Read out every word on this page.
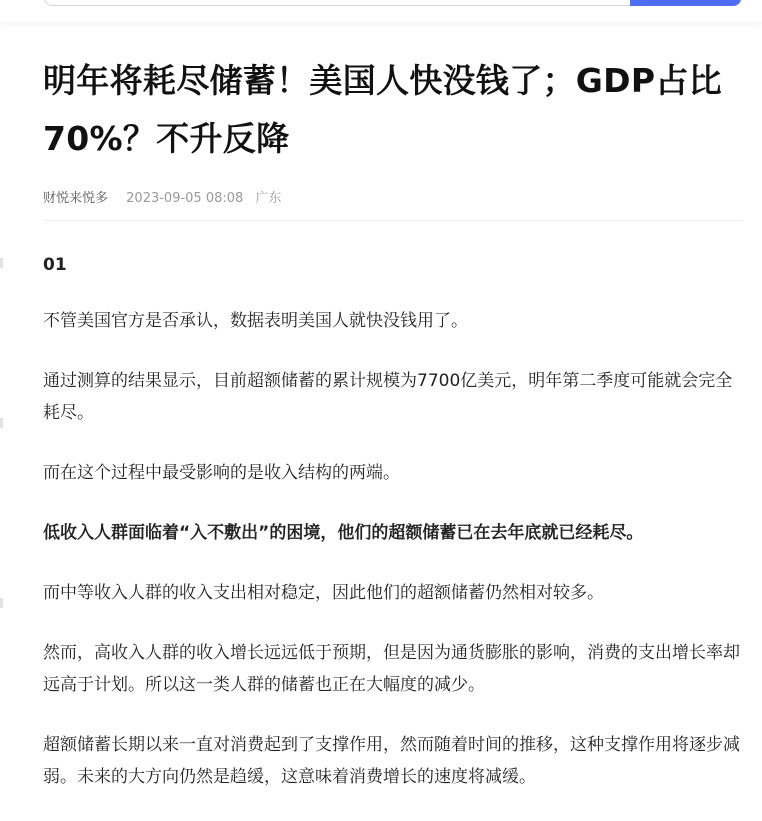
明年将耗尽储蓄！美国人快没钱了；GDP占比70%？不升反降
财悦来悦多 2023-09-05 08:08 广东

01

不管美国官方是否承认，数据表明美国人就快没钱用了。

通过测算的结果显示，目前超额储蓄的累计规模为7700亿美元，明年第二季度可能就会完全耗尽。

而在这个过程中最受影响的是收入结构的两端。

低收入人群面临着“入不敷出”的困境，他们的超额储蓄已在去年底就已经耗尽。

而中等收入人群的收入支出相对稳定，因此他们的超额储蓄仍然相对较多。

然而，高收入人群的收入增长远远低于预期，但是因为通货膨胀的影响，消费的支出增长率却远高于计划。所以这一类人群的储蓄也正在大幅度的减少。

超额储蓄长期以来一直对消费起到了支撑作用，然而随着时间的推移，这种支撑作用将逐步减弱。未来的大方向仍然是趋缓，这意味着消费增长的速度将减缓。
